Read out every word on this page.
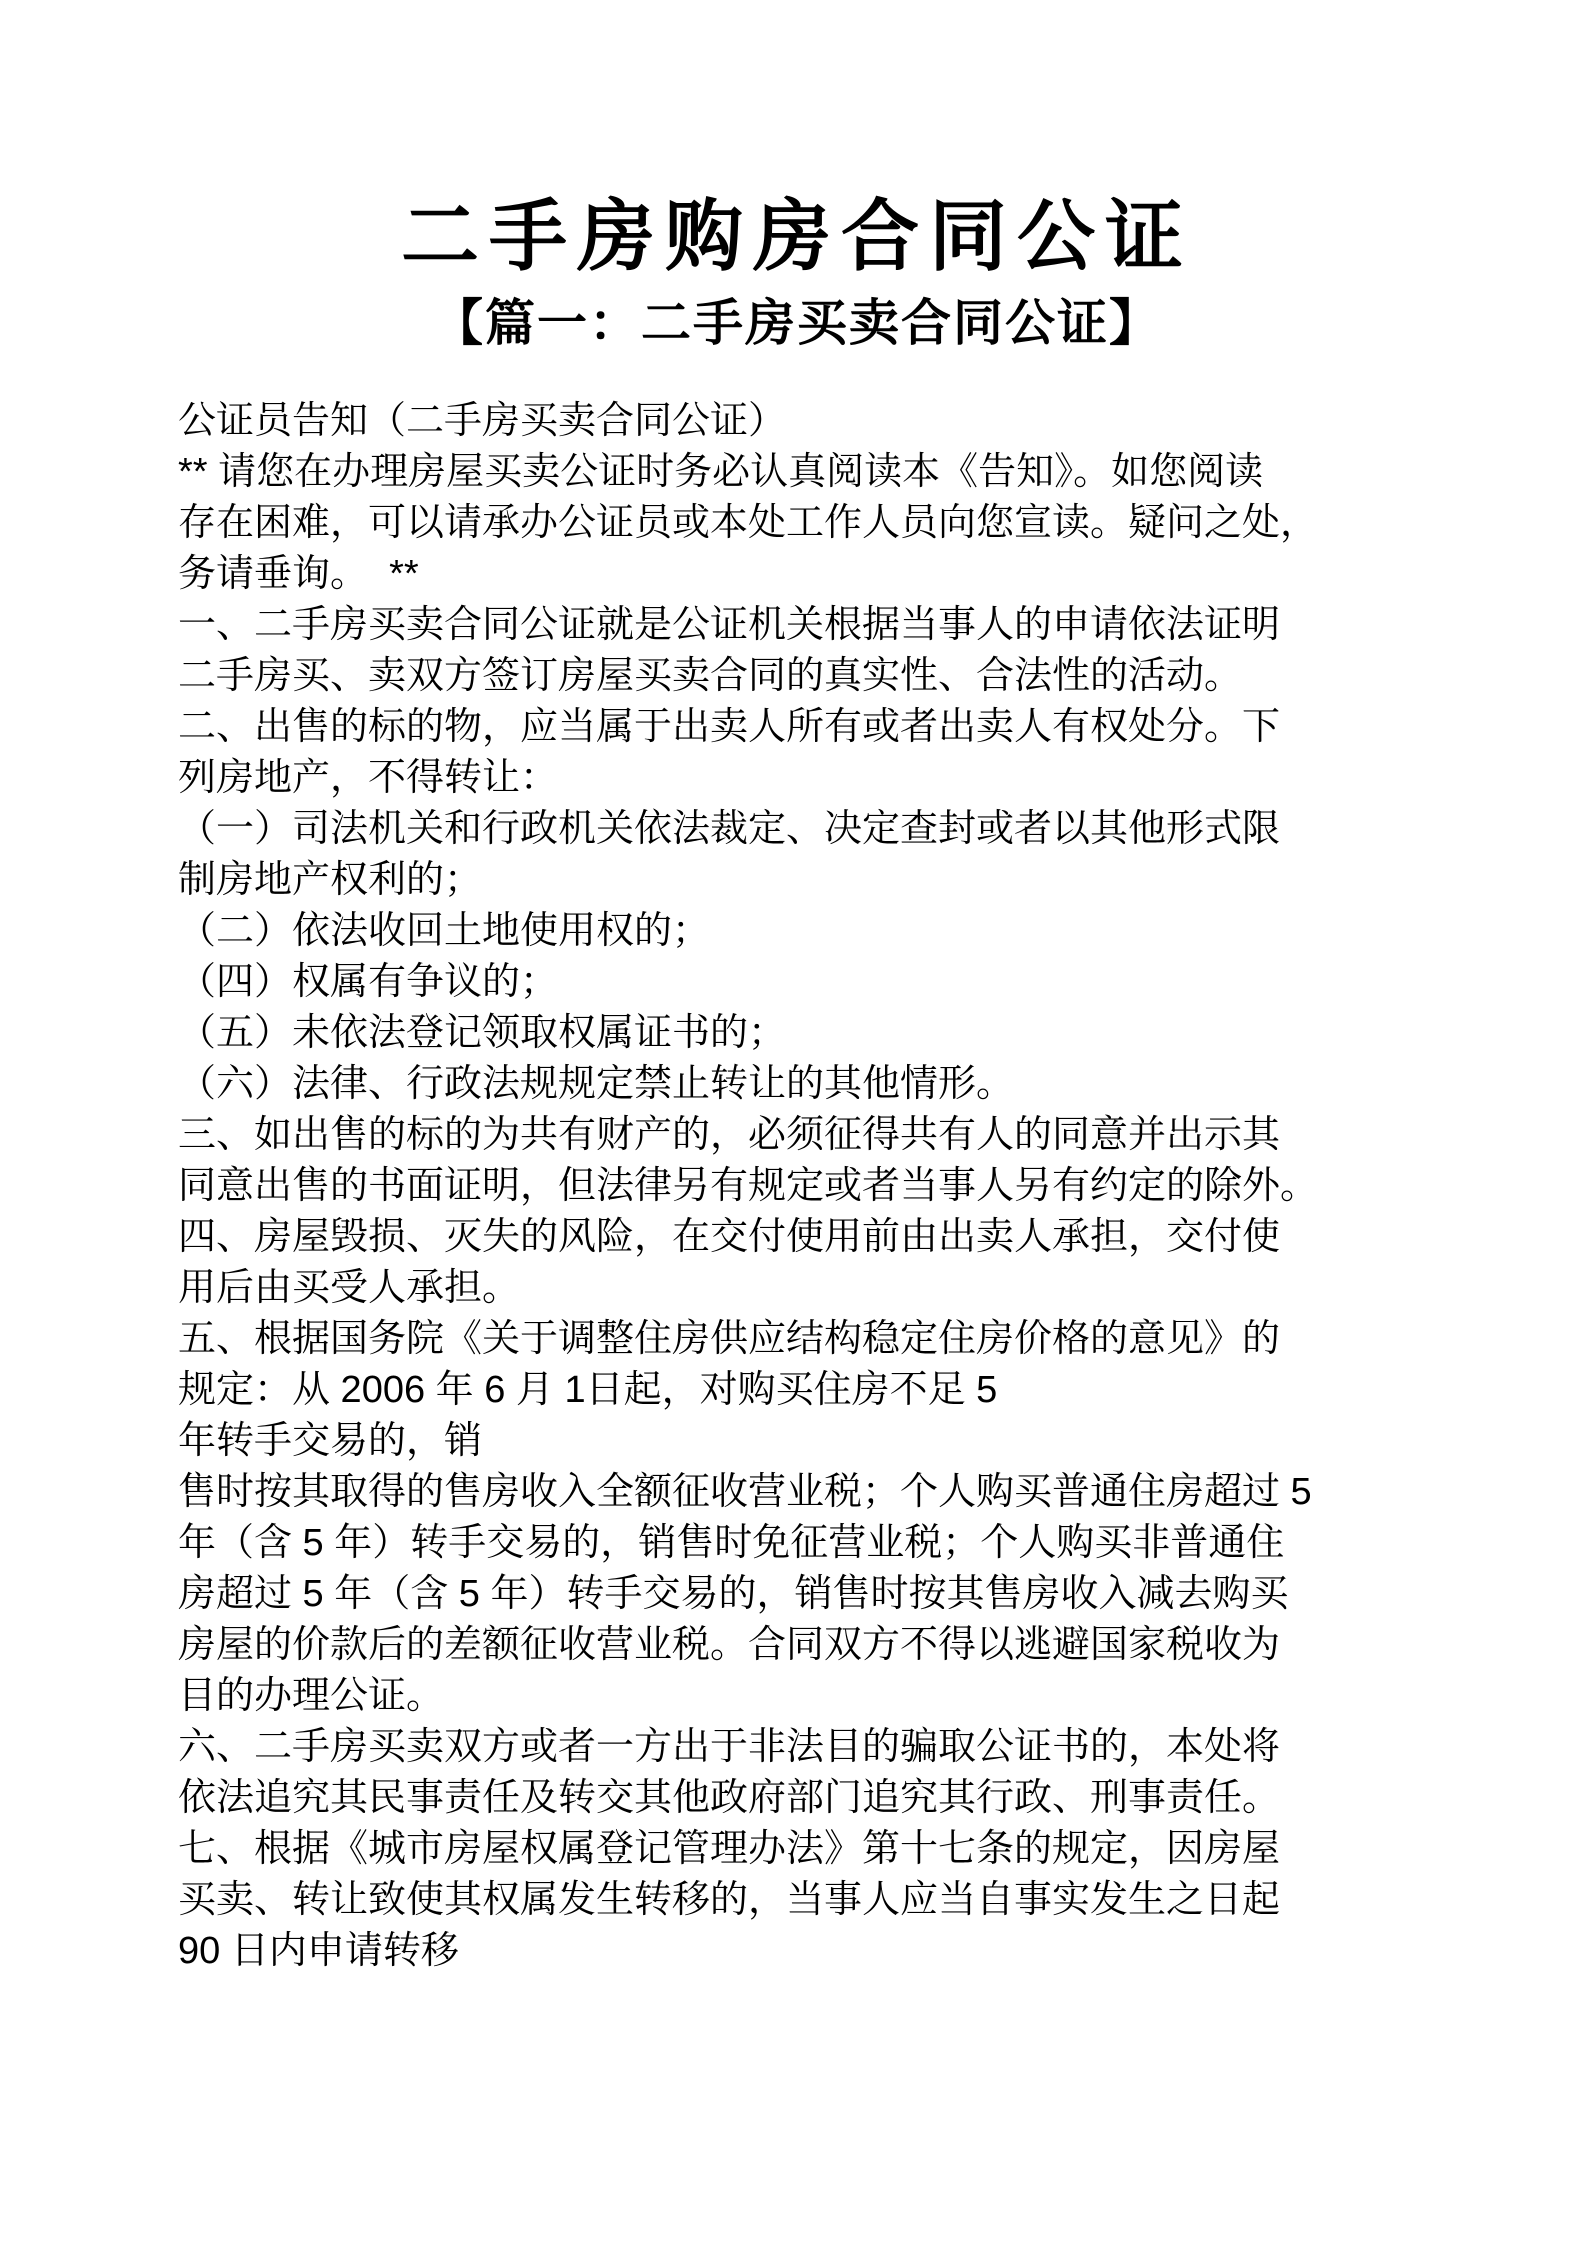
二手房购房合同公证
【篇一：二手房买卖合同公证】
公证员告知（二手房买卖合同公证）
** 请您在办理房屋买卖公证时务必认真阅读本《告知》。如您阅读
存在困难，可以请承办公证员或本处工作人员向您宣读。疑问之处，
务请垂询。  **
一、二手房买卖合同公证就是公证机关根据当事人的申请依法证明
二手房买、卖双方签订房屋买卖合同的真实性、合法性的活动。
二、出售的标的物，应当属于出卖人所有或者出卖人有权处分。下
列房地产，不得转让：
（一）司法机关和行政机关依法裁定、决定查封或者以其他形式限
制房地产权利的；
（二）依法收回土地使用权的；
（四）权属有争议的；
（五）未依法登记领取权属证书的；
（六）法律、行政法规规定禁止转让的其他情形。
三、如出售的标的为共有财产的，必须征得共有人的同意并出示其
同意出售的书面证明，但法律另有规定或者当事人另有约定的除外。
四、房屋毁损、灭失的风险，在交付使用前由出卖人承担，交付使
用后由买受人承担。
五、根据国务院《关于调整住房供应结构稳定住房价格的意见》的
规定：从 2006 年 6 月 1日起，对购买住房不足 5
年转手交易的，销
售时按其取得的售房收入全额征收营业税；个人购买普通住房超过 5
年（含 5 年）转手交易的，销售时免征营业税；个人购买非普通住
房超过 5 年（含 5 年）转手交易的，销售时按其售房收入减去购买
房屋的价款后的差额征收营业税。合同双方不得以逃避国家税收为
目的办理公证。
六、二手房买卖双方或者一方出于非法目的骗取公证书的，本处将
依法追究其民事责任及转交其他政府部门追究其行政、刑事责任。
七、根据《城市房屋权属登记管理办法》第十七条的规定，因房屋
买卖、转让致使其权属发生转移的，当事人应当自事实发生之日起
90 日内申请转移
